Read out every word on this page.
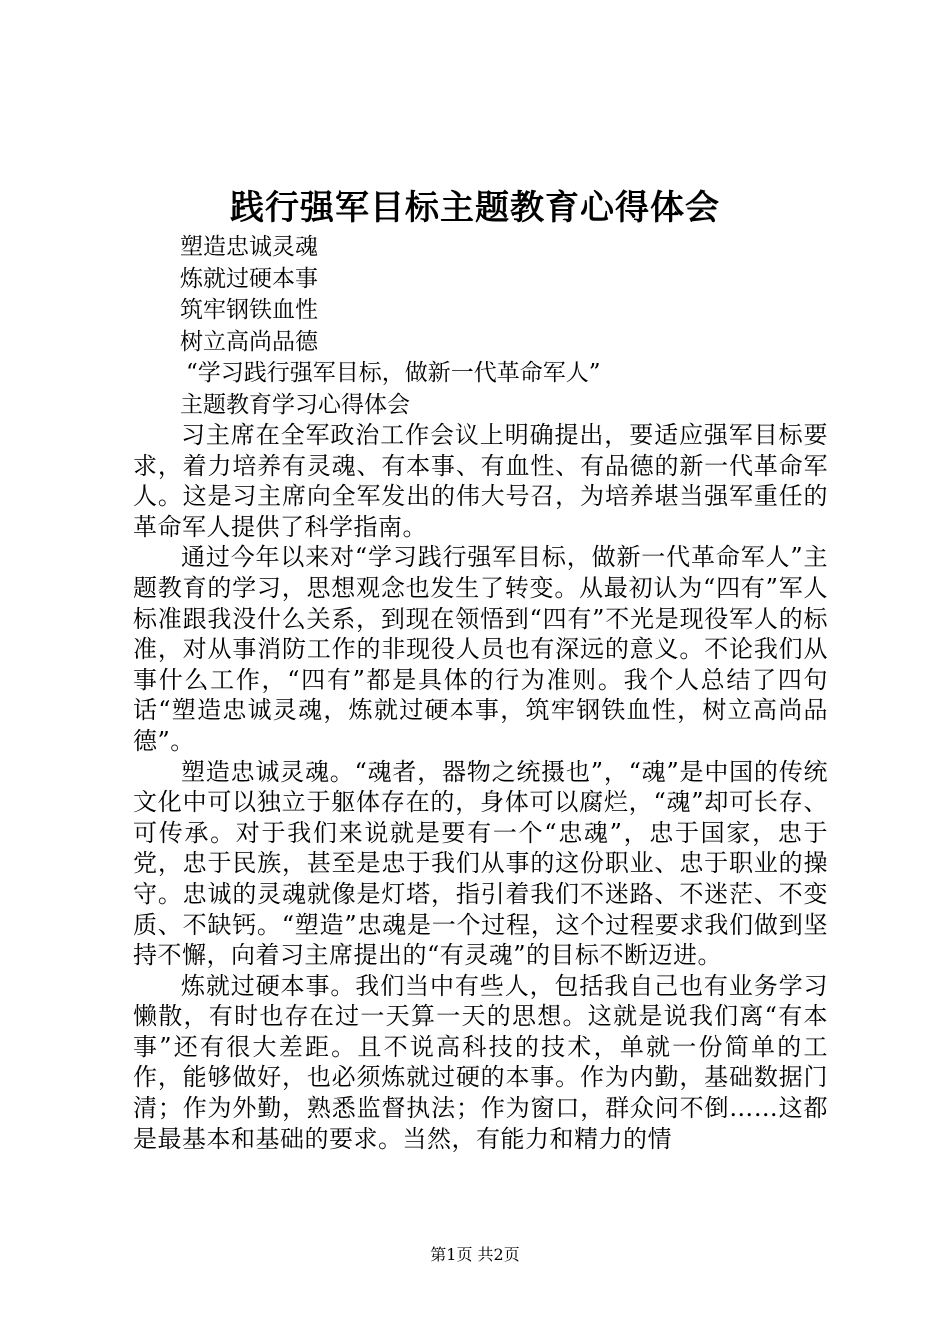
践行强军目标主题教育心得体会
塑造忠诚灵魂
炼就过硬本事
筑牢钢铁血性
树立高尚品德
“学习践行强军目标，做新一代革命军人”
主题教育学习心得体会

习主席在全军政治工作会议上明确提出，要适应强军目标要求，着力培养有灵魂、有本事、有血性、有品德的新一代革命军人。这是习主席向全军发出的伟大号召，为培养堪当强军重任的革命军人提供了科学指南。

通过今年以来对“学习践行强军目标，做新一代革命军人”主题教育的学习，思想观念也发生了转变。从最初认为“四有”军人标准跟我没什么关系，到现在领悟到“四有”不光是现役军人的标准，对从事消防工作的非现役人员也有深远的意义。不论我们从事什么工作，“四有”都是具体的行为准则。我个人总结了四句话“塑造忠诚灵魂，炼就过硬本事，筑牢钢铁血性，树立高尚品德”。

塑造忠诚灵魂。“魂者，器物之统摄也”，“魂”是中国的传统文化中可以独立于躯体存在的，身体可以腐烂，“魂”却可长存、可传承。对于我们来说就是要有一个“忠魂”，忠于国家，忠于党，忠于民族，甚至是忠于我们从事的这份职业、忠于职业的操守。忠诚的灵魂就像是灯塔，指引着我们不迷路、不迷茫、不变质、不缺钙。“塑造”忠魂是一个过程，这个过程要求我们做到坚持不懈，向着习主席提出的“有灵魂”的目标不断迈进。

炼就过硬本事。我们当中有些人，包括我自己也有业务学习懒散，有时也存在过一天算一天的思想。这就是说我们离“有本事”还有很大差距。且不说高科技的技术，单就一份简单的工作，能够做好，也必须炼就过硬的本事。作为内勤，基础数据门清；作为外勤，熟悉监督执法；作为窗口，群众问不倒……这都是最基本和基础的要求。当然，有能力和精力的情

第1页 共2页
